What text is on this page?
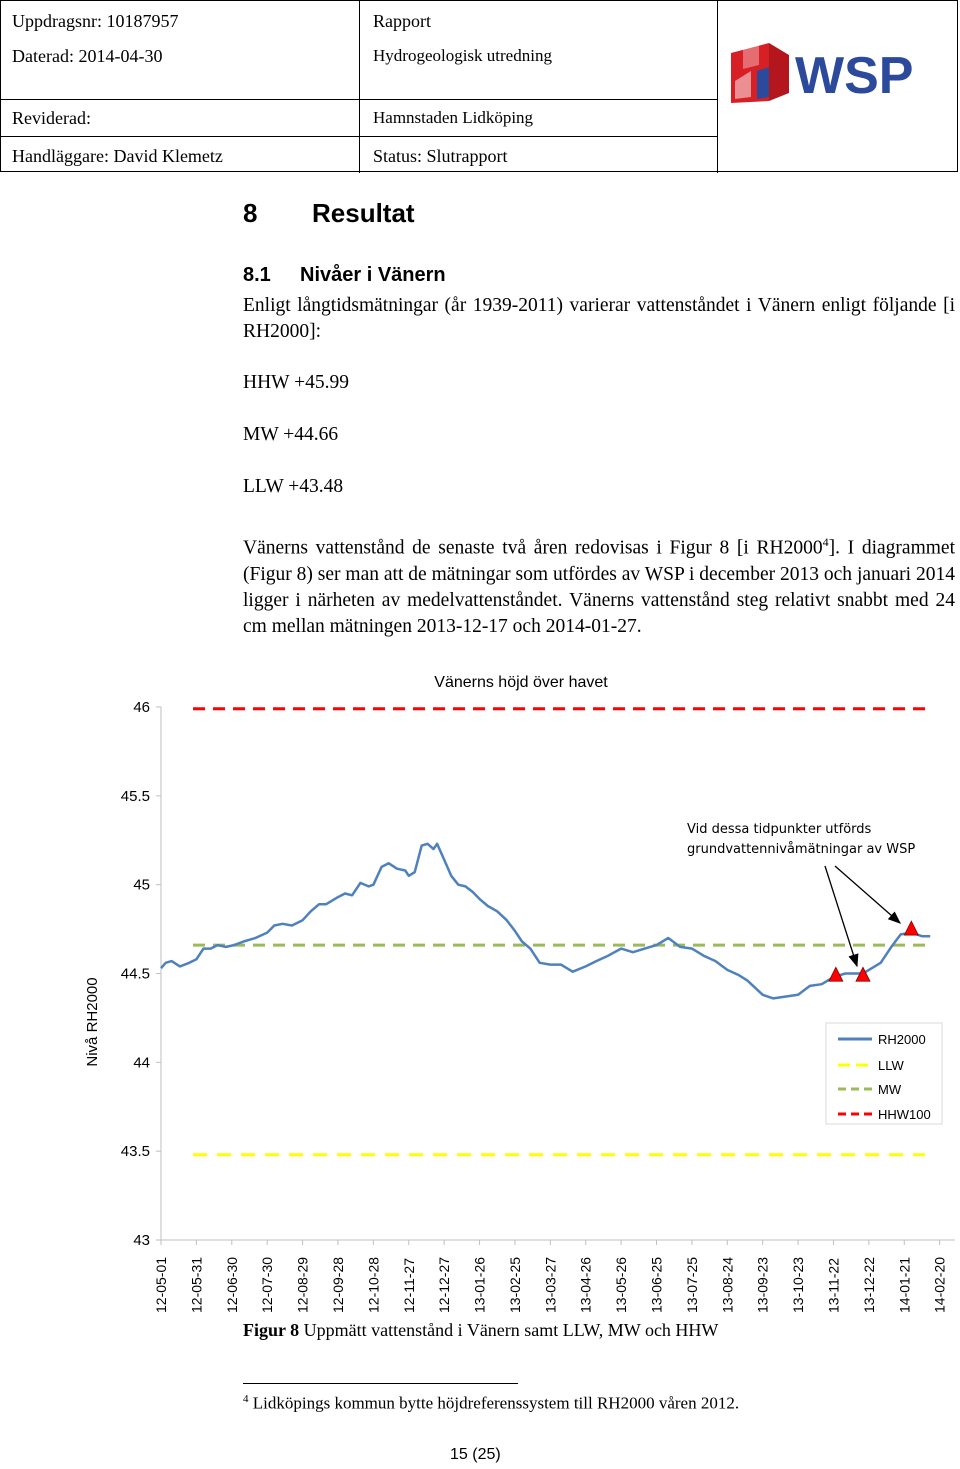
Uppdragsnr: 10187957
Daterad: 2014-04-30
Reviderad:
Handläggare: David Klemetz
Rapport
Hydrogeologisk utredning
Hamnstaden Lidköping
Status: Slutrapport
WSP
8 Resultat
8.1 Nivåer i Vänern
Enligt långtidsmätningar (år 1939-2011) varierar vattenståndet i Vänern enligt följande [i RH2000]:
HHW +45.99
MW +44.66
LLW +43.48
Vänerns vattenstånd de senaste två åren redovisas i Figur 8 [i RH2000$^4$]. I diagrammet (Figur 8) ser man att de mätningar som utfördes av WSP i december 2013 och januari 2014 ligger i närheten av medelvattenståndet. Vänerns vattenstånd steg relativt snabbt med 24 cm mellan mätningen 2013-12-17 och 2014-01-27.
Vänerns höjd över havet
Nivå RH2000
46
45.5
45
44.5
44
43.5
43
12-05-01 12-05-31 12-06-30 12-07-30 12-08-29 12-09-28 12-10-28 12-11-27 12-12-27 13-01-26 13-02-25 13-03-27 13-04-26 13-05-26 13-06-25 13-07-25 13-08-24 13-09-23 13-10-23 13-11-22 13-12-22 14-01-21 14-02-20
Vid dessa tidpunkter utförds
grundvattennivåmätningar av WSP
RH2000
LLW
MW
HHW100
Figur 8 Uppmätt vattenstånd i Vänern samt LLW, MW och HHW
$^4$ Lidköpings kommun bytte höjdreferenssystem till RH2000 våren 2012.
15 (25)
